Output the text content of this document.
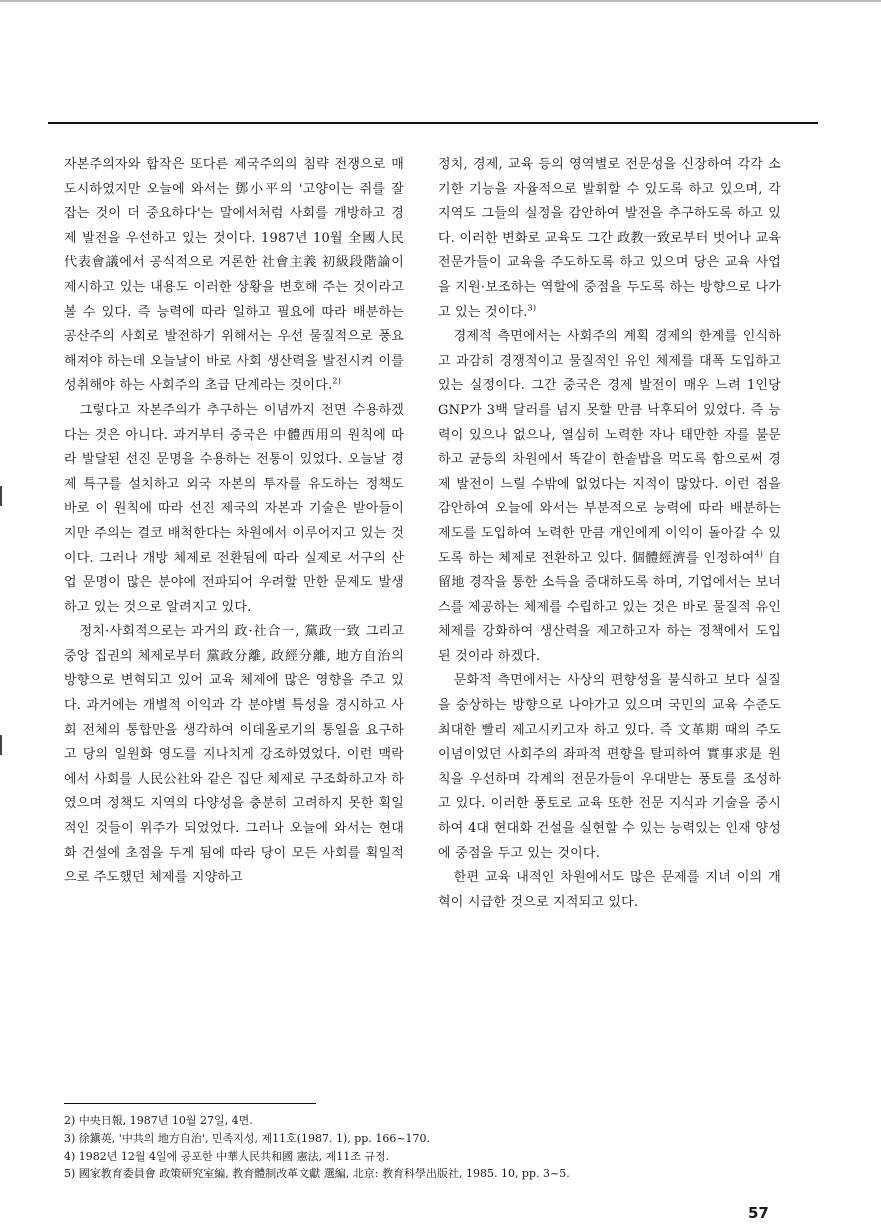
자본주의자와 합작은 또다른 제국주의의 침략 전쟁으로 매도시하였지만 오늘에 와서는 鄧小平의 '고양이는 쥐를 잘 잡는 것이 더 중요하다'는 말에서처럼 사회를 개방하고 경제 발전을 우선하고 있는 것이다. 1987년 10월 全國人民代表會議에서 공식적으로 거론한 社會主義 初級段階論이 제시하고 있는 내용도 이러한 상황을 변호해 주는 것이라고 볼 수 있다. 즉 능력에 따라 일하고 필요에 따라 배분하는 공산주의 사회로 발전하기 위해서는 우선 물질적으로 풍요해져야 하는데 오늘날이 바로 사회 생산력을 발전시켜 이를 성취해야 하는 사회주의 초급 단계라는 것이다.$^{2)}$

그렇다고 자본주의가 추구하는 이념까지 전면 수용하겠다는 것은 아니다. 과거부터 중국은 中體西用의 원칙에 따라 발달된 선진 문명을 수용하는 전통이 있었다. 오늘날 경제 특구를 설치하고 외국 자본의 투자를 유도하는 정책도 바로 이 원칙에 따라 선진 제국의 자본과 기술은 받아들이지만 주의는 결코 배척한다는 차원에서 이루어지고 있는 것이다. 그러나 개방 체제로 전환됨에 따라 실제로 서구의 산업 문명이 많은 분야에 전파되어 우려할 만한 문제도 발생하고 있는 것으로 알려지고 있다.

정치·사회적으로는 과거의 政·社合一, 黨政一致 그리고 중앙 집권의 체제로부터 黨政分離, 政經分離, 地方自治의 방향으로 변혁되고 있어 교육 체제에 많은 영향을 주고 있다. 과거에는 개별적 이익과 각 분야별 특성을 경시하고 사회 전체의 통합만을 생각하여 이데올로기의 통일을 요구하고 당의 일원화 영도를 지나치게 강조하였었다. 이런 맥락에서 사회를 人民公社와 같은 집단 체제로 구조화하고자 하였으며 정책도 지역의 다양성을 충분히 고려하지 못한 획일적인 것들이 위주가 되었었다. 그러나 오늘에 와서는 현대화 건설에 초점을 두게 됨에 따라 당이 모든 사회를 획일적으로 주도했던 체제를 지양하고

정치, 경제, 교육 등의 영역별로 전문성을 신장하여 각각 소기한 기능을 자율적으로 발휘할 수 있도록 하고 있으며, 각 지역도 그들의 실정을 감안하여 발전을 추구하도록 하고 있다. 이러한 변화로 교육도 그간 政教一致로부터 벗어나 교육 전문가들이 교육을 주도하도록 하고 있으며 당은 교육 사업을 지원·보조하는 역할에 중점을 두도록 하는 방향으로 나가고 있는 것이다.$^{3)}$

경제적 측면에서는 사회주의 계획 경제의 한계를 인식하고 과감히 경쟁적이고 물질적인 유인 체제를 대폭 도입하고 있는 실정이다. 그간 중국은 경제 발전이 매우 느려 1인당 GNP가 3백 달러를 넘지 못할 만큼 낙후되어 있었다. 즉 능력이 있으나 없으나, 열심히 노력한 자나 태만한 자를 불문하고 균등의 차원에서 똑같이 한솥밥을 먹도록 함으로써 경제 발전이 느릴 수밖에 없었다는 지적이 많았다. 이런 점을 감안하여 오늘에 와서는 부분적으로 능력에 따라 배분하는 제도를 도입하여 노력한 만큼 개인에게 이익이 돌아갈 수 있도록 하는 체제로 전환하고 있다. 個體經濟를 인정하여$^{4)}$ 自留地 경작을 통한 소득을 증대하도록 하며, 기업에서는 보너스를 제공하는 체제를 수립하고 있는 것은 바로 물질적 유인 체제를 강화하여 생산력을 제고하고자 하는 정책에서 도입된 것이라 하겠다.

문화적 측면에서는 사상의 편향성을 불식하고 보다 실질을 숭상하는 방향으로 나아가고 있으며 국민의 교육 수준도 최대한 빨리 제고시키고자 하고 있다. 즉 文革期 때의 주도 이념이었던 사회주의 좌파적 편향을 탈피하여 實事求是 원칙을 우선하며 각계의 전문가들이 우대받는 풍토를 조성하고 있다. 이러한 풍토로 교육 또한 전문 지식과 기술을 중시하여 4대 현대화 건설을 실현할 수 있는 능력있는 인재 양성에 중점을 두고 있는 것이다.

한편 교육 내적인 차원에서도 많은 문제를 지녀 이의 개혁이 시급한 것으로 지적되고 있다.

2) 中央日報, 1987년 10월 27일, 4면.
3) 徐鎭英, '中共의 地方自治', 민족지성, 제11호(1987. 1), pp. 166~170.
4) 1982년 12월 4일에 공포한 中華人民共和國 憲法, 제11조 규정.
5) 國家教育委員會 政策研究室編, 教育體制改革文獻 選編, 北京: 教育科學出版社, 1985. 10, pp. 3~5.
57
